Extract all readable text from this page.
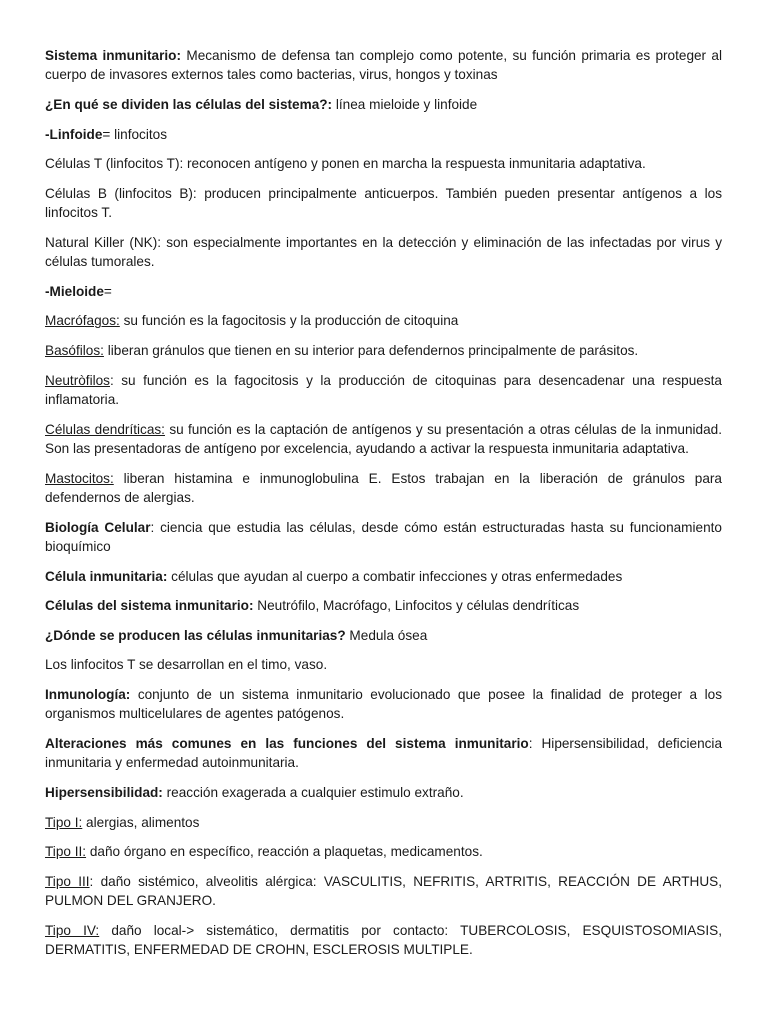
Sistema inmunitario: Mecanismo de defensa tan complejo como potente, su función primaria es proteger al cuerpo de invasores externos tales como bacterias, virus, hongos y toxinas

¿En qué se dividen las células del sistema?: línea mieloide y linfoide

-Linfoide= linfocitos

Células T (linfocitos T): reconocen antígeno y ponen en marcha la respuesta inmunitaria adaptativa.

Células B (linfocitos B): producen principalmente anticuerpos. También pueden presentar antígenos a los linfocitos T.

Natural Killer (NK): son especialmente importantes en la detección y eliminación de las infectadas por virus y células tumorales.

-Mieloide=

Macrófagos: su función es la fagocitosis y la producción de citoquina

Basófilos: liberan gránulos que tienen en su interior para defendernos principalmente de parásitos.

Neutròfilos: su función es la fagocitosis y la producción de citoquinas para desencadenar una respuesta inflamatoria.

Células dendríticas: su función es la captación de antígenos y su presentación a otras células de la inmunidad. Son las presentadoras de antígeno por excelencia, ayudando a activar la respuesta inmunitaria adaptativa.

Mastocitos: liberan histamina e inmunoglobulina E. Estos trabajan en la liberación de gránulos para defendernos de alergias.

Biología Celular: ciencia que estudia las células, desde cómo están estructuradas hasta su funcionamiento bioquímico

Célula inmunitaria: células que ayudan al cuerpo a combatir infecciones y otras enfermedades

Células del sistema inmunitario: Neutrófilo, Macrófago, Linfocitos y células dendríticas

¿Dónde se producen las células inmunitarias? Medula ósea

Los linfocitos T se desarrollan en el timo, vaso.

Inmunología: conjunto de un sistema inmunitario evolucionado que posee la finalidad de proteger a los organismos multicelulares de agentes patógenos.

Alteraciones más comunes en las funciones del sistema inmunitario: Hipersensibilidad, deficiencia inmunitaria y enfermedad autoinmunitaria.

Hipersensibilidad: reacción exagerada a cualquier estimulo extraño.

Tipo I: alergias, alimentos

Tipo II: daño órgano en específico, reacción a plaquetas, medicamentos.

Tipo III: daño sistémico, alveolitis alérgica: VASCULITIS, NEFRITIS, ARTRITIS, REACCIÓN DE ARTHUS, PULMON DEL GRANJERO.

Tipo IV: daño local-> sistemático, dermatitis por contacto: TUBERCOLOSIS, ESQUISTOSOMIASIS, DERMATITIS, ENFERMEDAD DE CROHN, ESCLEROSIS MULTIPLE.
